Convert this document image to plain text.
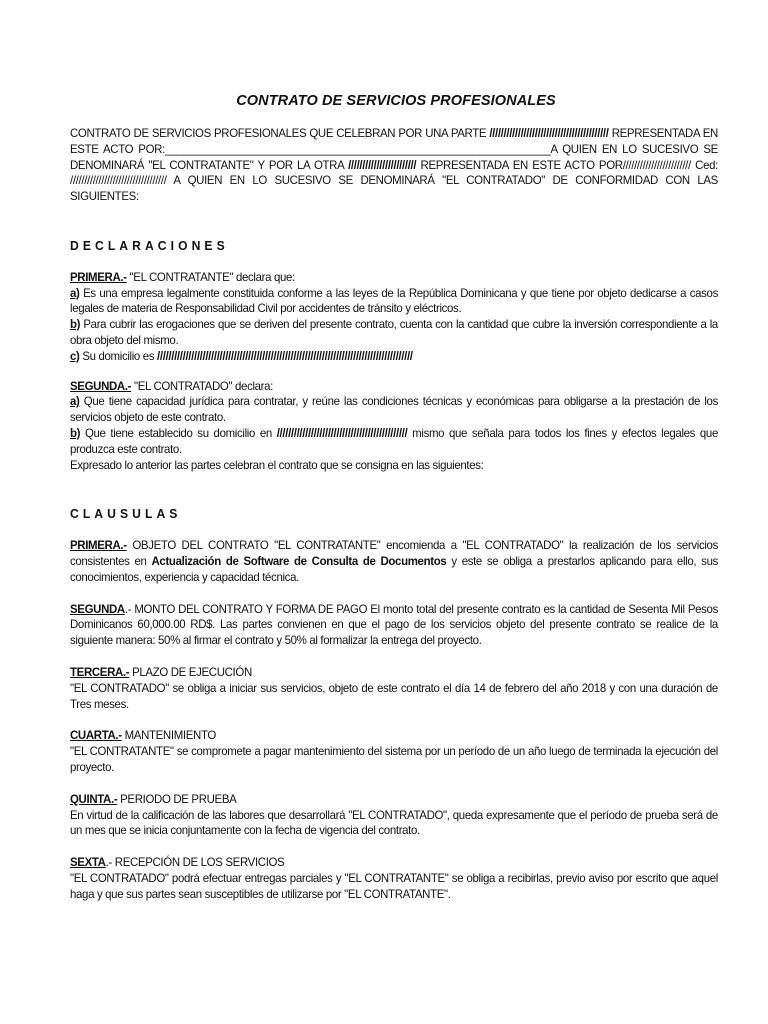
CONTRATO DE SERVICIOS PROFESIONALES

CONTRATO DE SERVICIOS PROFESIONALES QUE CELEBRAN POR UNA PARTE ////////////////////////////////////////// REPRESENTADA EN ESTE ACTO POR:________________________________________________________________A QUIEN EN LO SUCESIVO SE DENOMINARÁ "EL CONTRATANTE" Y POR LA OTRA //////////////////////// REPRESENTADA EN ESTE ACTO POR//////////////////////// Ced: ////////////////////////////////// A QUIEN EN LO SUCESIVO SE DENOMINARÁ "EL CONTRATADO" DE CONFORMIDAD CON LAS SIGUIENTES:

DECLARACIONES

PRIMERA.- "EL CONTRATANTE" declara que:

a) Es una empresa legalmente constituida conforme a las leyes de la República Dominicana y que tiene por objeto dedicarse a casos legales de materia de Responsabilidad Civil por accidentes de tránsito y eléctricos.

b) Para cubrir las erogaciones que se deriven del presente contrato, cuenta con la cantidad que cubre la inversión correspondiente a la obra objeto del mismo.

c) Su domicilio es //////////////////////////////////////////////////////////////////////////////////////////

SEGUNDA.- "EL CONTRATADO" declara:

a) Que tiene capacidad jurídica para contratar, y reúne las condiciones técnicas y económicas para obligarse a la prestación de los servicios objeto de este contrato.

b) Que tiene establecido su domicilio en ////////////////////////////////////////////// mismo que señala para todos los fines y efectos legales que produzca este contrato.

Expresado lo anterior las partes celebran el contrato que se consigna en las siguientes:

CLAUSULAS

PRIMERA.- OBJETO DEL CONTRATO "EL CONTRATANTE" encomienda a "EL CONTRATADO" la realización de los servicios consistentes en Actualización de Software de Consulta de Documentos y este se obliga a prestarlos aplicando para ello, sus conocimientos, experiencia y capacidad técnica.

SEGUNDA.- MONTO DEL CONTRATO Y FORMA DE PAGO El monto total del presente contrato es la cantidad de Sesenta Mil Pesos Dominicanos 60,000.00 RD$. Las partes convienen en que el pago de los servicios objeto del presente contrato se realice de la siguiente manera: 50% al firmar el contrato y 50% al formalizar la entrega del proyecto.

TERCERA.- PLAZO DE EJECUCIÓN

"EL CONTRATADO" se obliga a iniciar sus servicios, objeto de este contrato el día 14 de febrero del año 2018 y con una duración de Tres meses.

CUARTA.- MANTENIMIENTO

"EL CONTRATANTE" se compromete a pagar mantenimiento del sistema por un período de un año luego de terminada la ejecución del proyecto.

QUINTA.- PERIODO DE PRUEBA

En virtud de la calificación de las labores que desarrollará "EL CONTRATADO", queda expresamente que el período de prueba será de un mes que se inicia conjuntamente con la fecha de vigencia del contrato.

SEXTA.- RECEPCIÓN DE LOS SERVICIOS

"EL CONTRATADO" podrá efectuar entregas parciales y "EL CONTRATANTE" se obliga a recibirlas, previo aviso por escrito que aquel haga y que sus partes sean susceptibles de utilizarse por "EL CONTRATANTE".
